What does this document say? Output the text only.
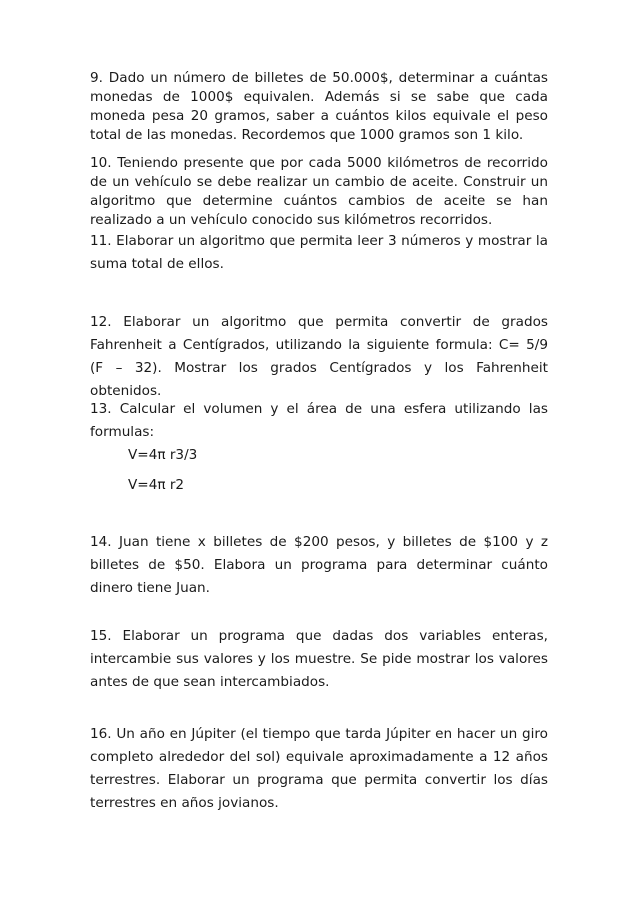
9. Dado un número de billetes de 50.000$, determinar a cuántas monedas de 1000$ equivalen. Además si se sabe que cada moneda pesa 20 gramos, saber a cuántos kilos equivale el peso total de las monedas. Recordemos que 1000 gramos son 1 kilo.

10. Teniendo presente que por cada 5000 kilómetros de recorrido de un vehículo se debe realizar un cambio de aceite. Construir un algoritmo que determine cuántos cambios de aceite se han realizado a un vehículo conocido sus kilómetros recorridos.

11. Elaborar un algoritmo que permita leer 3 números y mostrar la suma total de ellos.

12. Elaborar un algoritmo que permita convertir de grados Fahrenheit a Centígrados, utilizando la siguiente formula: C= 5/9 (F – 32). Mostrar los grados Centígrados y los Fahrenheit obtenidos.

13. Calcular el volumen y el área de una esfera utilizando las formulas:

V=4π r3/3

V=4π r2

14. Juan tiene x billetes de $200 pesos, y billetes de $100 y z billetes de $50. Elabora un programa para determinar cuánto dinero tiene Juan.

15. Elaborar un programa que dadas dos variables enteras, intercambie sus valores y los muestre. Se pide mostrar los valores antes de que sean intercambiados.

16. Un año en Júpiter (el tiempo que tarda Júpiter en hacer un giro completo alrededor del sol) equivale aproximadamente a 12 años terrestres. Elaborar un programa que permita convertir los días terrestres en años jovianos.
